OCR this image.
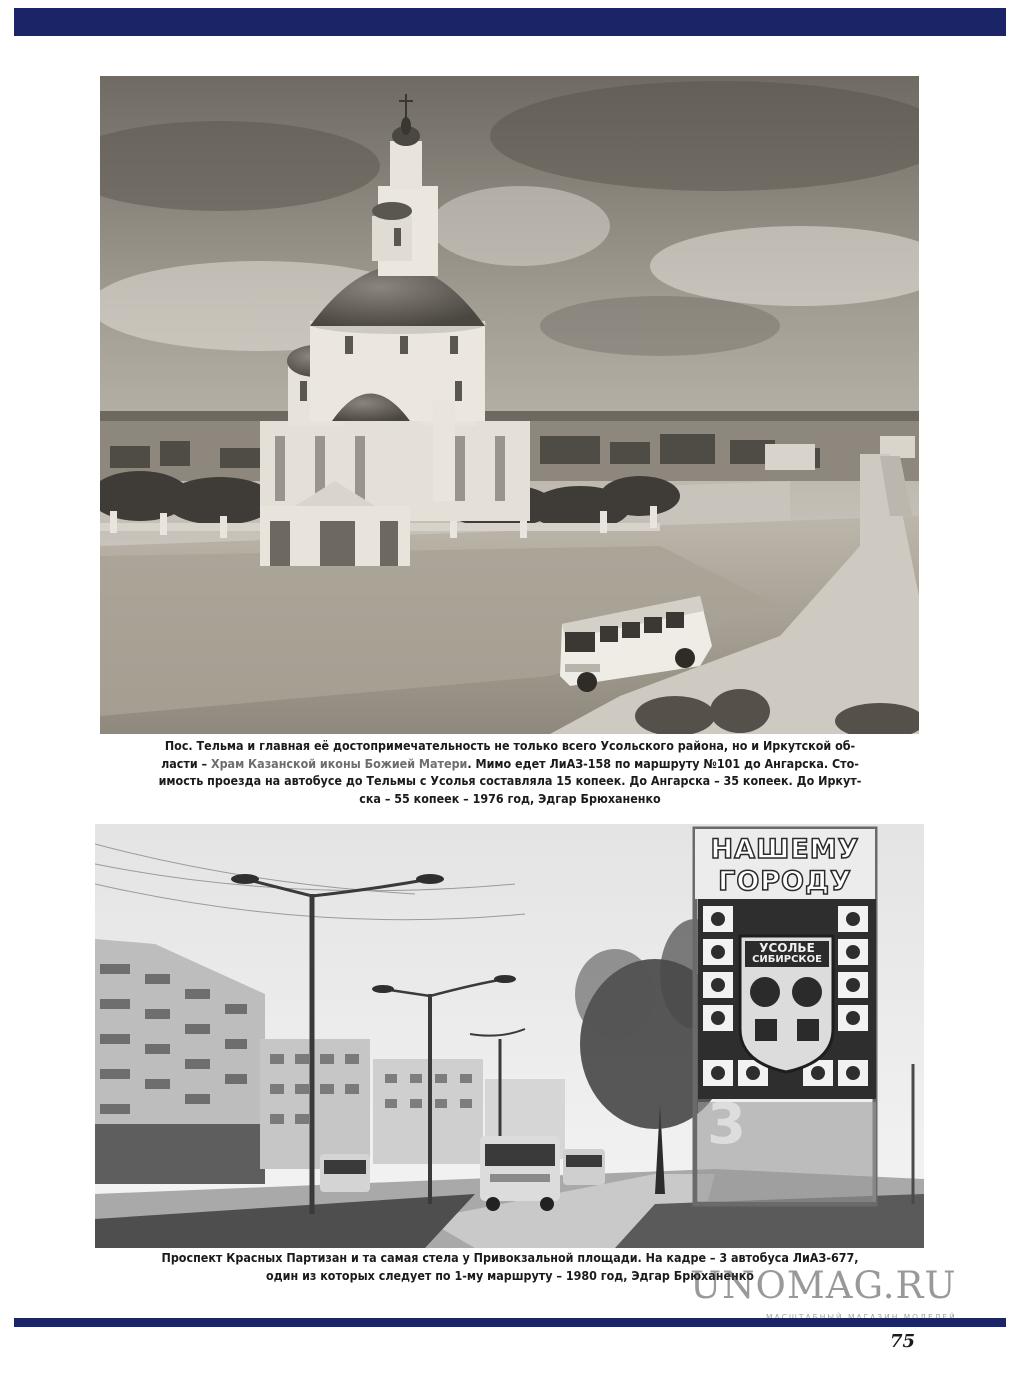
Пос. Тельма и главная её достопримечательность не только всего Усольского района, но и Иркутской об-
ласти – Храм Казанской иконы Божией Матери. Мимо едет ЛиАЗ-158 по маршруту №101 до Ангарска. Сто-
имость проезда на автобусе до Тельмы с Усолья составляла 15 копеек. До Ангарска – 35 копеек. До Иркут-
ска – 55 копеек – 1976 год, Эдгар Брюханенко

НАШЕМУ
ГОРОДУ
УСОЛЬЕ
СИБИРСКОЕ
3

Проспект Красных Партизан и та самая стела у Привокзальной площади. На кадре – 3 автобуса ЛиАЗ-677,
один из которых следует по 1-му маршруту – 1980 год, Эдгар Брюханенко

UNOMAG.RU
75
